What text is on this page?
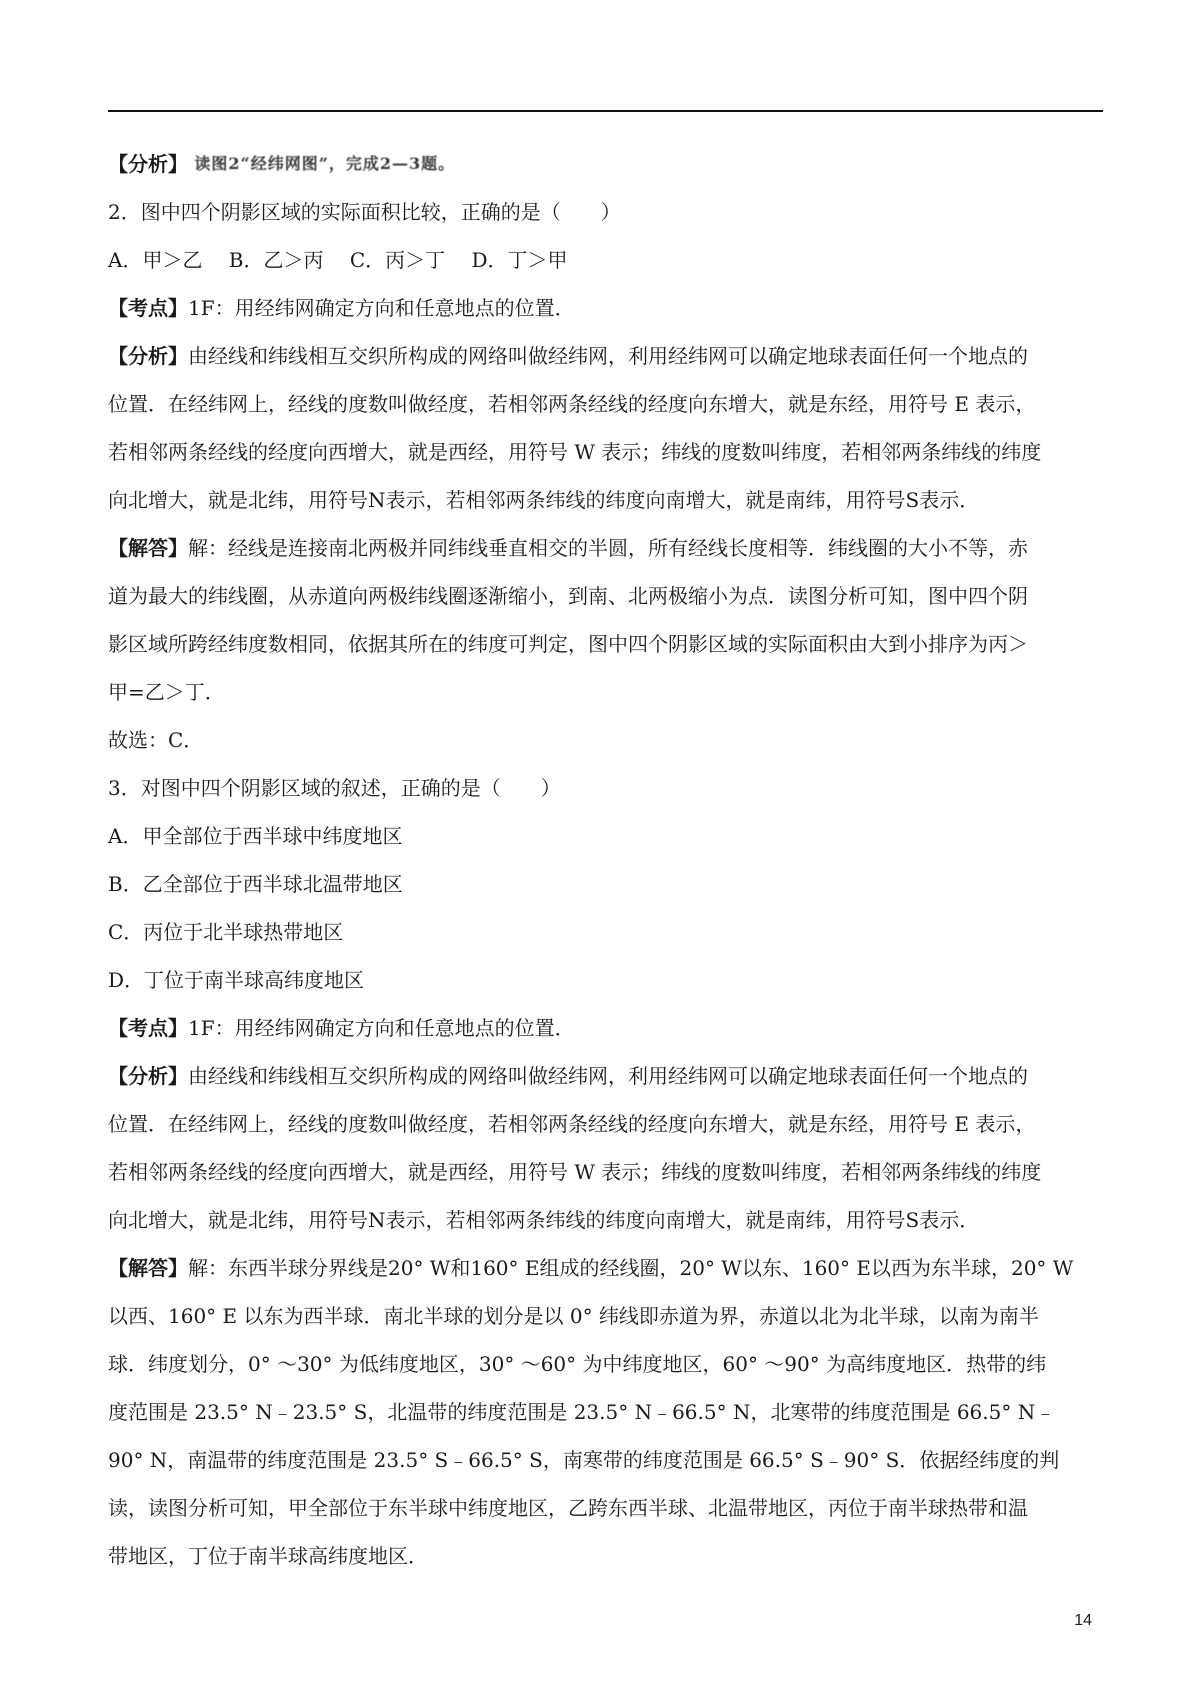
【分析】 读图2“经纬网图”，完成2—3题。
2．图中四个阴影区域的实际面积比较，正确的是（　　）
A．甲＞乙　 B．乙＞丙　 C．丙＞丁　 D．丁＞甲
【考点】1F：用经纬网确定方向和任意地点的位置．
【分析】由经线和纬线相互交织所构成的网络叫做经纬网，利用经纬网可以确定地球表面任何一个地点的
位置．在经纬网上，经线的度数叫做经度，若相邻两条经线的经度向东增大，就是东经，用符号 E 表示，
若相邻两条经线的经度向西增大，就是西经，用符号 W 表示；纬线的度数叫纬度，若相邻两条纬线的纬度
向北增大，就是北纬，用符号N表示，若相邻两条纬线的纬度向南增大，就是南纬，用符号S表示．
【解答】解：经线是连接南北两极并同纬线垂直相交的半圆，所有经线长度相等．纬线圈的大小不等，赤
道为最大的纬线圈，从赤道向两极纬线圈逐渐缩小，到南、北两极缩小为点．读图分析可知，图中四个阴
影区域所跨经纬度数相同，依据其所在的纬度可判定，图中四个阴影区域的实际面积由大到小排序为丙＞
甲=乙＞丁．
故选：C．
3．对图中四个阴影区域的叙述，正确的是（　　）
A．甲全部位于西半球中纬度地区
B．乙全部位于西半球北温带地区
C．丙位于北半球热带地区
D．丁位于南半球高纬度地区
【考点】1F：用经纬网确定方向和任意地点的位置．
【分析】由经线和纬线相互交织所构成的网络叫做经纬网，利用经纬网可以确定地球表面任何一个地点的
位置．在经纬网上，经线的度数叫做经度，若相邻两条经线的经度向东增大，就是东经，用符号 E 表示，
若相邻两条经线的经度向西增大，就是西经，用符号 W 表示；纬线的度数叫纬度，若相邻两条纬线的纬度
向北增大，就是北纬，用符号N表示，若相邻两条纬线的纬度向南增大，就是南纬，用符号S表示．
【解答】解：东西半球分界线是20° W和160° E组成的经线圈，20° W以东、160° E以西为东半球，20° W
以西、160° E 以东为西半球．南北半球的划分是以 0° 纬线即赤道为界，赤道以北为北半球，以南为南半
球．纬度划分，0° ～30° 为低纬度地区，30° ～60° 为中纬度地区，60° ～90° 为高纬度地区．热带的纬
度范围是 23.5° N﹣23.5° S，北温带的纬度范围是 23.5° N﹣66.5° N，北寒带的纬度范围是 66.5° N﹣
90° N，南温带的纬度范围是 23.5° S﹣66.5° S，南寒带的纬度范围是 66.5° S﹣90° S．依据经纬度的判
读，读图分析可知，甲全部位于东半球中纬度地区，乙跨东西半球、北温带地区，丙位于南半球热带和温
带地区，丁位于南半球高纬度地区．
14
